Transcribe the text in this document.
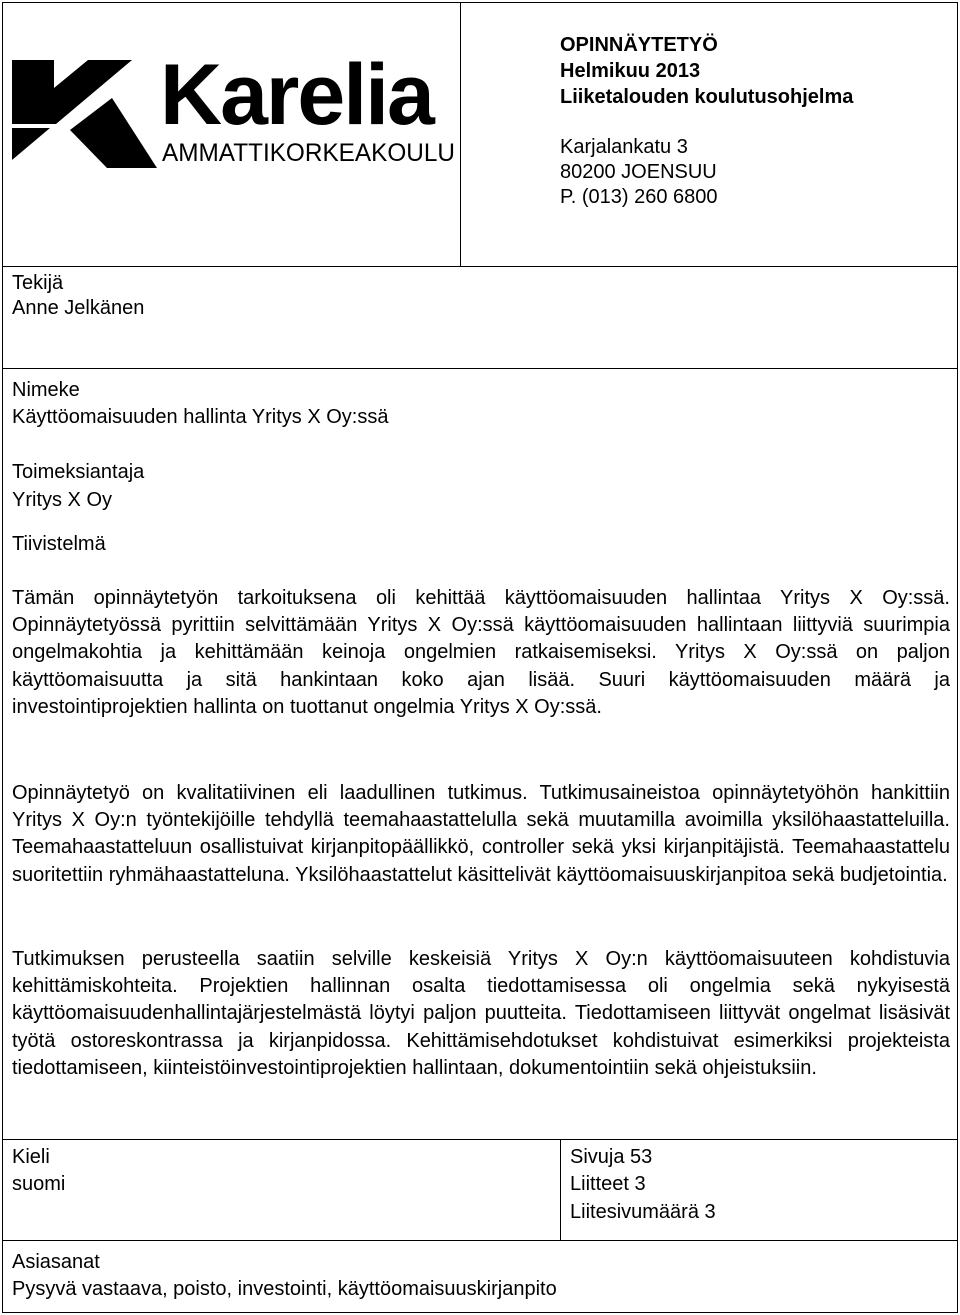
Karelia
AMMATTIKORKEAKOULU
OPINNÄYTETYÖ
Helmikuu 2013
Liiketalouden koulutusohjelma
Karjalankatu 3
80200 JOENSUU
P. (013) 260 6800
Tekijä
Anne Jelkänen
Nimeke
Käyttöomaisuuden hallinta Yritys X Oy:ssä
Toimeksiantaja
Yritys X Oy
Tiivistelmä
Tämän opinnäytetyön tarkoituksena oli kehittää käyttöomaisuuden hallintaa Yritys X Oy:ssä. Opinnäytetyössä pyrittiin selvittämään Yritys X Oy:ssä käyttöomaisuuden hallintaan liittyviä suurimpia ongelmakohtia ja kehittämään keinoja ongelmien ratkaisemiseksi. Yritys X Oy:ssä on paljon käyttöomaisuutta ja sitä hankintaan koko ajan lisää. Suuri käyttöomaisuuden määrä ja investointiprojektien hallinta on tuottanut ongelmia Yritys X Oy:ssä.
Opinnäytetyö on kvalitatiivinen eli laadullinen tutkimus. Tutkimusaineistoa opinnäytetyöhön hankittiin Yritys X Oy:n työntekijöille tehdyllä teemahaastattelulla sekä muutamilla avoimilla yksilöhaastatteluilla. Teemahaastatteluun osallistuivat kirjanpitopäällikkö, controller sekä yksi kirjanpitäjistä. Teemahaastattelu suoritettiin ryhmähaastatteluna. Yksilöhaastattelut käsittelivät käyttöomaisuuskirjanpitoa sekä budjetointia.
Tutkimuksen perusteella saatiin selville keskeisiä Yritys X Oy:n käyttöomaisuuteen kohdistuvia kehittämiskohteita. Projektien hallinnan osalta tiedottamisessa oli ongelmia sekä nykyisestä käyttöomaisuudenhallintajärjestelmästä löytyi paljon puutteita. Tiedottamiseen liittyvät ongelmat lisäsivät työtä ostoreskontrassa ja kirjanpidossa. Kehittämisehdotukset kohdistuivat esimerkiksi projekteista tiedottamiseen, kiinteistöinvestointiprojektien hallintaan, dokumentointiin sekä ohjeistuksiin.
Kieli
suomi
Sivuja 53
Liitteet 3
Liitesivumäärä 3
Asiasanat
Pysyvä vastaava, poisto, investointi, käyttöomaisuuskirjanpito
